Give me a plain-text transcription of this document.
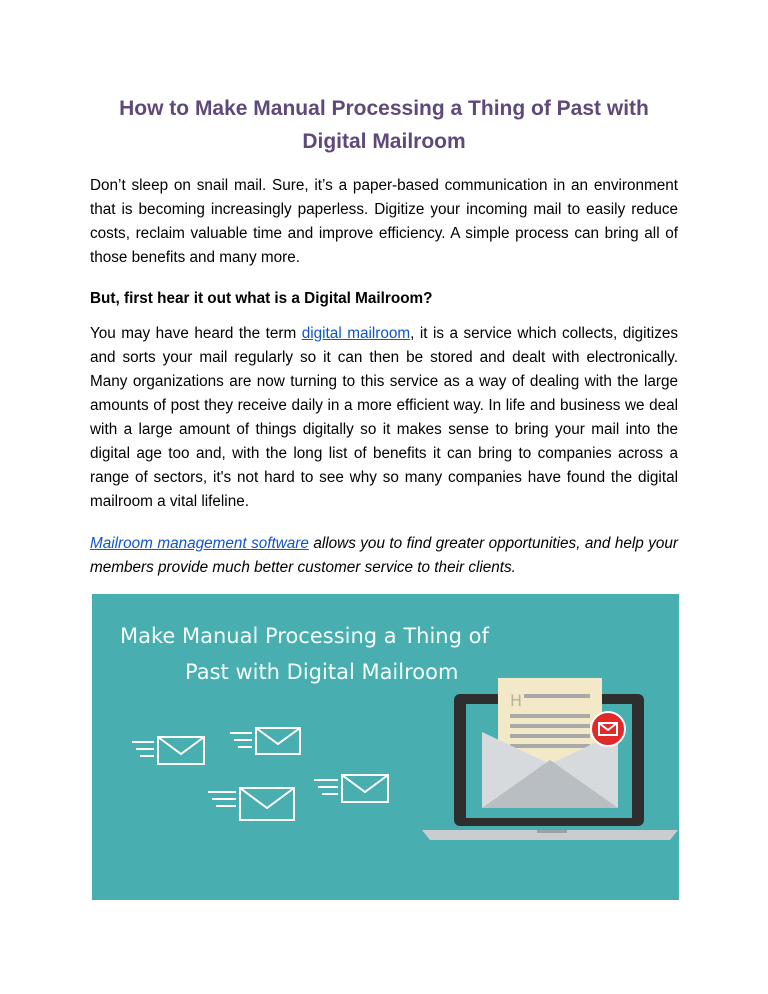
How to Make Manual Processing a Thing of Past with Digital Mailroom

Don’t sleep on snail mail. Sure, it’s a paper-based communication in an environment that is becoming increasingly paperless. Digitize your incoming mail to easily reduce costs, reclaim valuable time and improve efficiency. A simple process can bring all of those benefits and many more.

But, first hear it out what is a Digital Mailroom?

You may have heard the term digital mailroom, it is a service which collects, digitizes and sorts your mail regularly so it can then be stored and dealt with electronically. Many organizations are now turning to this service as a way of dealing with the large amounts of post they receive daily in a more efficient way. In life and business we deal with a large amount of things digitally so it makes sense to bring your mail into the digital age too and, with the long list of benefits it can bring to companies across a range of sectors, it's not hard to see why so many companies have found the digital mailroom a vital lifeline.

Mailroom management software allows you to find greater opportunities, and help your members provide much better customer service to their clients.

Make Manual Processing a Thing of
Past with Digital Mailroom
H
